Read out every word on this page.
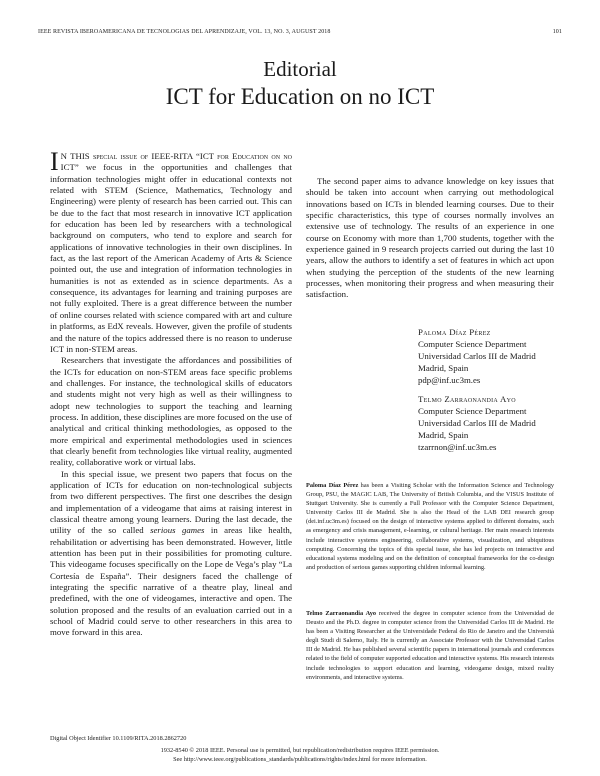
IEEE REVISTA IBEROAMERICANA DE TECNOLOGIAS DEL APRENDIZAJE, VOL. 13, NO. 3, AUGUST 2018	101
Editorial
ICT for Education on no ICT

I N THIS special issue of IEEE-RITA “ICT for Education on no ICT” we focus in the opportunities and challenges that information technologies might offer in educational contexts not related with STEM (Science, Mathematics, Technology and Engineering) were plenty of research has been carried out. This can be due to the fact that most research in innovative ICT application for education has been led by researchers with a technological background on computers, who tend to explore and search for applications of innovative technologies in their own disciplines. In fact, as the last report of the American Academy of Arts & Science pointed out, the use and integration of information technologies in humanities is not as extended as in science departments. As a consequence, its advantages for learning and training purposes are not fully exploited. There is a great difference between the number of online courses related with science compared with art and culture in platforms, as EdX reveals. However, given the profile of students and the nature of the topics addressed there is no reason to underuse ICT in non-STEM areas.

Researchers that investigate the affordances and possibilities of the ICTs for education on non-STEM areas face specific problems and challenges. For instance, the technological skills of educators and students might not very high as well as their willingness to adopt new technologies to support the teaching and learning process. In addition, these disciplines are more focused on the use of analytical and critical thinking methodologies, as opposed to the more empirical and experimental methodologies used in sciences that clearly benefit from technologies like virtual reality, augmented reality, collaborative work or virtual labs.

In this special issue, we present two papers that focus on the application of ICTs for education on non-technological subjects from two different perspectives. The first one describes the design and implementation of a videogame that aims at raising interest in classical theatre among young learners. During the last decade, the utility of the so called serious games in areas like health, rehabilitation or advertising has been demonstrated. However, little attention has been put in their possibilities for promoting culture. This videogame focuses specifically on the Lope de Vega’s play “La Cortesía de España”. Their designers faced the challenge of integrating the specific narrative of a theatre play, lineal and predefined, with the one of videogames, interactive and open. The solution proposed and the results of an evaluation carried out in a school of Madrid could serve to other researchers in this area to move forward in this area.

The second paper aims to advance knowledge on key issues that should be taken into account when carrying out methodological innovations based on ICTs in blended learning courses. Due to their specific characteristics, this type of courses normally involves an extensive use of technology. The results of an experience in one course on Economy with more than 1,700 students, together with the experience gained in 9 research projects carried out during the last 10 years, allow the authors to identify a set of features in which act upon when studying the perception of the students of the new learning processes, when monitoring their progress and when measuring their satisfaction.

Paloma Díaz Pérez
Computer Science Department
Universidad Carlos III de Madrid
Madrid, Spain
pdp@inf.uc3m.es
Telmo Zarraonandia Ayo
Computer Science Department
Universidad Carlos III de Madrid
Madrid, Spain
tzarrnon@inf.uc3m.es
Paloma Díaz Pérez has been a Visiting Scholar with the Information Science and Technology Group, PSU, the MAGIC LAB, The University of British Columbia, and the VISUS Institute of Stuttgart University. She is currently a Full Professor with the Computer Science Department, University Carlos III de Madrid. She is also the Head of the LAB DEI research group (dei.inf.uc3m.es) focused on the design of interactive systems applied to different domains, such as emergency and crisis management, e-learning, or cultural heritage. Her main research interests include interactive systems engineering, collaborative systems, visualization, and ubiquitous computing. Concerning the topics of this special issue, she has led projects on interactive and educational systems modeling and on the definition of conceptual frameworks for the co-design and production of serious games supporting children informal learning.
Telmo Zarraonandia Ayo received the degree in computer science from the Universidad de Deusto and the Ph.D. degree in computer science from the Universidad Carlos III de Madrid. He has been a Visiting Researcher at the Universidade Federal do Rio de Janeiro and the Università degli Studi di Salerno, Italy. He is currently an Associate Professor with the Universidad Carlos III de Madrid. He has published several scientific papers in international journals and conferences related to the field of computer supported education and interactive systems. His research interests include technologies to support education and learning, videogame design, mixed reality environments, and interactive systems.
Digital Object Identifier 10.1109/RITA.2018.2862720
1932-8540 © 2018 IEEE. Personal use is permitted, but republication/redistribution requires IEEE permission.
See http://www.ieee.org/publications_standards/publications/rights/index.html for more information.
